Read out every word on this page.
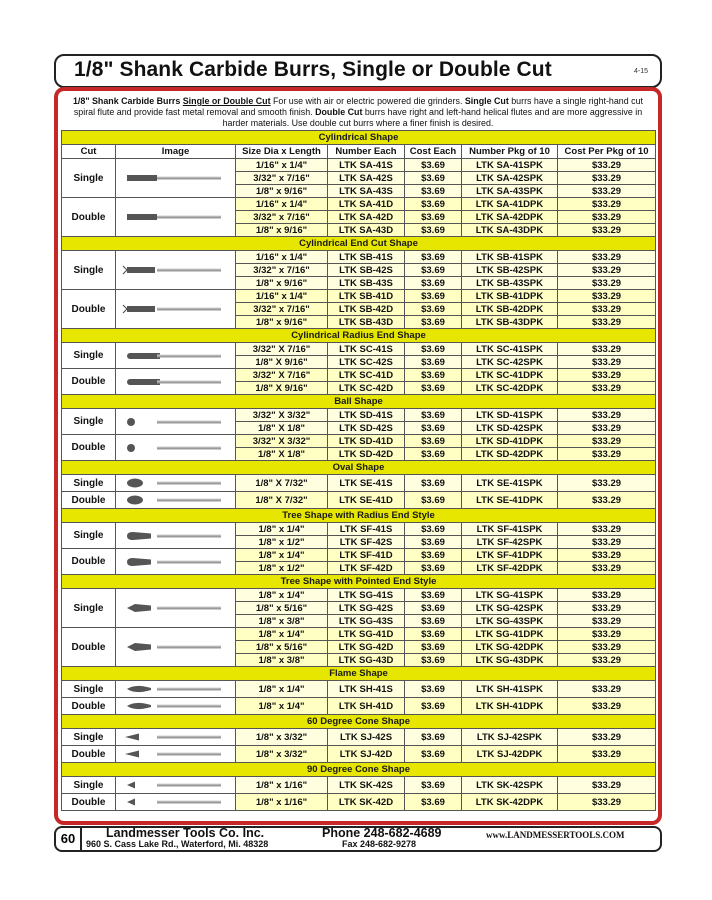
1/8" Shank Carbide Burrs, Single or Double Cut	4-15
1/8" Shank Carbide Burrs Single or Double Cut For use with air or electric powered die grinders. Single Cut burrs have a single right-hand cut spiral flute and provide fast metal removal and smooth finish. Double Cut burrs have right and left-hand helical flutes and are more aggressive in harder materials. Use double cut burrs where a finer finish is desired.
Cylindrical Shape						
Cut	Image	Size Dia x Length	Number Each	Cost Each	Number Pkg of 10	Cost Per Pkg of 10
Single		1/16" x 1/4"	LTK SA-41S	$3.69	LTK SA-41SPK	$33.29
		3/32" x 7/16"	LTK SA-42S	$3.69	LTK SA-42SPK	$33.29
		1/8" x 9/16"	LTK SA-43S	$3.69	LTK SA-43SPK	$33.29
Double		1/16" x 1/4"	LTK SA-41D	$3.69	LTK SA-41DPK	$33.29
		3/32" x 7/16"	LTK SA-42D	$3.69	LTK SA-42DPK	$33.29
		1/8" x 9/16"	LTK SA-43D	$3.69	LTK SA-43DPK	$33.29
Cylindrical End Cut Shape						
Single		1/16" x 1/4"	LTK SB-41S	$3.69	LTK SB-41SPK	$33.29
		3/32" x 7/16"	LTK SB-42S	$3.69	LTK SB-42SPK	$33.29
		1/8" x 9/16"	LTK SB-43S	$3.69	LTK SB-43SPK	$33.29
Double		1/16" x 1/4"	LTK SB-41D	$3.69	LTK SB-41DPK	$33.29
		3/32" x 7/16"	LTK SB-42D	$3.69	LTK SB-42DPK	$33.29
		1/8" x 9/16"	LTK SB-43D	$3.69	LTK SB-43DPK	$33.29
Cylindrical Radius End Shape						
Single		3/32" X 7/16"	LTK SC-41S	$3.69	LTK SC-41SPK	$33.29
		1/8" X 9/16"	LTK SC-42S	$3.69	LTK SC-42SPK	$33.29
Double		3/32" X 7/16"	LTK SC-41D	$3.69	LTK SC-41DPK	$33.29
		1/8" X 9/16"	LTK SC-42D	$3.69	LTK SC-42DPK	$33.29
Ball Shape						
Single		3/32" X 3/32"	LTK SD-41S	$3.69	LTK SD-41SPK	$33.29
		1/8" X 1/8"	LTK SD-42S	$3.69	LTK SD-42SPK	$33.29
Double		3/32" X 3/32"	LTK SD-41D	$3.69	LTK SD-41DPK	$33.29
		1/8" X 1/8"	LTK SD-42D	$3.69	LTK SD-42DPK	$33.29
Oval Shape						
Single		1/8" X 7/32"	LTK SE-41S	$3.69	LTK SE-41SPK	$33.29
Double		1/8" X 7/32"	LTK SE-41D	$3.69	LTK SE-41DPK	$33.29
Tree Shape with Radius End Style						
Single		1/8" x 1/4"	LTK SF-41S	$3.69	LTK SF-41SPK	$33.29
		1/8" x 1/2"	LTK SF-42S	$3.69	LTK SF-42SPK	$33.29
Double		1/8" x 1/4"	LTK SF-41D	$3.69	LTK SF-41DPK	$33.29
		1/8" x 1/2"	LTK SF-42D	$3.69	LTK SF-42DPK	$33.29
Tree Shape with Pointed End Style						
Single		1/8" x 1/4"	LTK SG-41S	$3.69	LTK SG-41SPK	$33.29
		1/8" x 5/16"	LTK SG-42S	$3.69	LTK SG-42SPK	$33.29
		1/8" x 3/8"	LTK SG-43S	$3.69	LTK SG-43SPK	$33.29
Double		1/8" x 1/4"	LTK SG-41D	$3.69	LTK SG-41DPK	$33.29
		1/8" x 5/16"	LTK SG-42D	$3.69	LTK SG-42DPK	$33.29
		1/8" x 3/8"	LTK SG-43D	$3.69	LTK SG-43DPK	$33.29
Flame Shape						
Single		1/8" x 1/4"	LTK SH-41S	$3.69	LTK SH-41SPK	$33.29
Double		1/8" x 1/4"	LTK SH-41D	$3.69	LTK SH-41DPK	$33.29
60 Degree Cone Shape						
Single		1/8" x 3/32"	LTK SJ-42S	$3.69	LTK SJ-42SPK	$33.29
Double		1/8" x 3/32"	LTK SJ-42D	$3.69	LTK SJ-42DPK	$33.29
90 Degree Cone Shape						
Single		1/8" x 1/16"	LTK SK-42S	$3.69	LTK SK-42SPK	$33.29
Double		1/8" x 1/16"	LTK SK-42D	$3.69	LTK SK-42DPK	$33.29
60	Landmesser Tools Co. Inc.
960 S. Cass Lake Rd., Waterford, Mi. 48328
Phone 248-682-4689
Fax 248-682-9278
www.LANDMESSERTOOLS.COM
